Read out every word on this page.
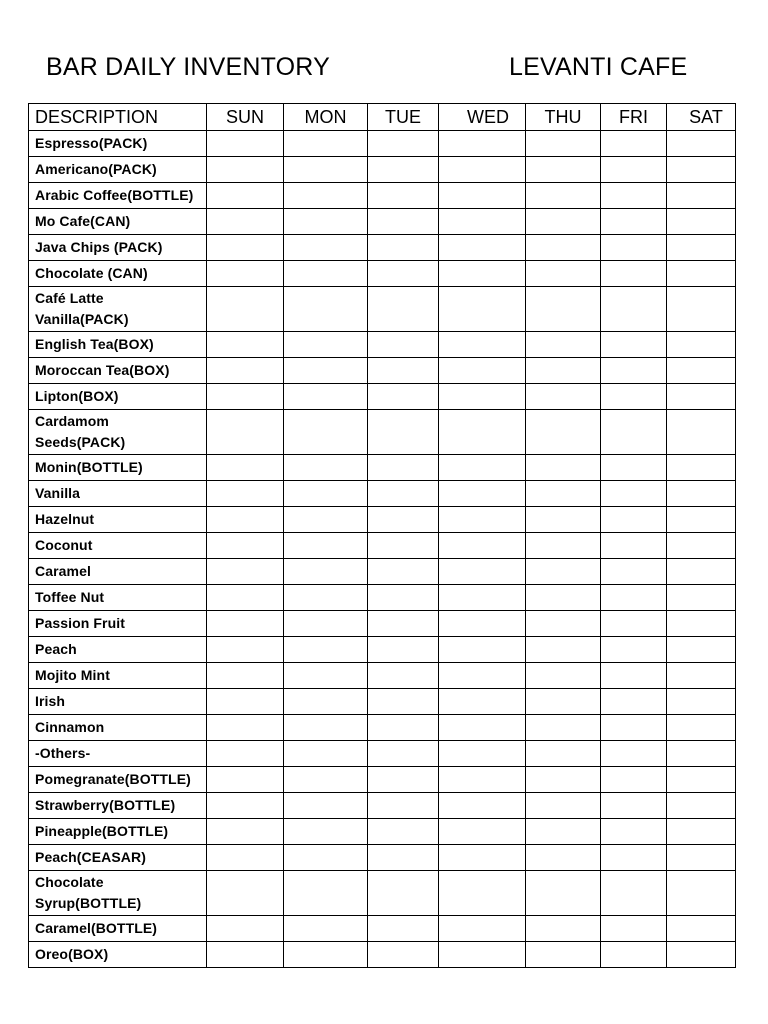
BAR DAILY INVENTORY	LEVANTI CAFE
DESCRIPTION	SUN	MON	TUE	WED	THU	FRI	SAT
Espresso(PACK)							
Americano(PACK)							
Arabic Coffee(BOTTLE)							
Mo Cafe(CAN)							
Java Chips (PACK)							
Chocolate (CAN)							
Café Latte Vanilla(PACK)							
English Tea(BOX)							
Moroccan Tea(BOX)							
Lipton(BOX)							
Cardamom Seeds(PACK)							
Monin(BOTTLE)							
Vanilla							
Hazelnut							
Coconut							
Caramel							
Toffee Nut							
Passion Fruit							
Peach							
Mojito Mint							
Irish							
Cinnamon							
-Others-							
Pomegranate(BOTTLE)							
Strawberry(BOTTLE)							
Pineapple(BOTTLE)							
Peach(CEASAR)							
Chocolate Syrup(BOTTLE)							
Caramel(BOTTLE)							
Oreo(BOX)							
